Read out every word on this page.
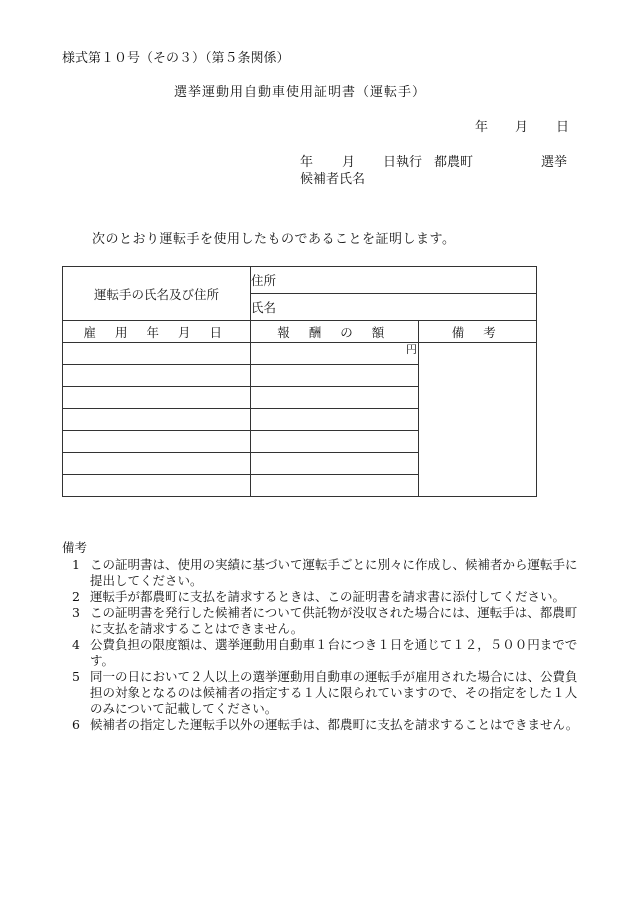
様式第１０号（その３）（第５条関係）
選挙運動用自動車使用証明書（運転手）
年 月 日
年 月 日執行 都農町	選挙
候補者氏名
次のとおり運転手を使用したものであることを証明します。
運転手の氏名及び住所	住所	
	氏名	
雇 用 年 月 日	報 酬 の 額	備 考
	円	

備考

1 この証明書は、使用の実績に基づいて運転手ごとに別々に作成し、候補者から運転手に提出してください。

2 運転手が都農町に支払を請求するときは、この証明書を請求書に添付してください。

3 この証明書を発行した候補者について供託物が没収された場合には、運転手は、都農町に支払を請求することはできません。

4 公費負担の限度額は、選挙運動用自動車１台につき１日を通じて１２，５００円までです。

5 同一の日において２人以上の選挙運動用自動車の運転手が雇用された場合には、公費負担の対象となるのは候補者の指定する１人に限られていますので、その指定をした１人のみについて記載してください。

6 候補者の指定した運転手以外の運転手は、都農町に支払を請求することはできません。
